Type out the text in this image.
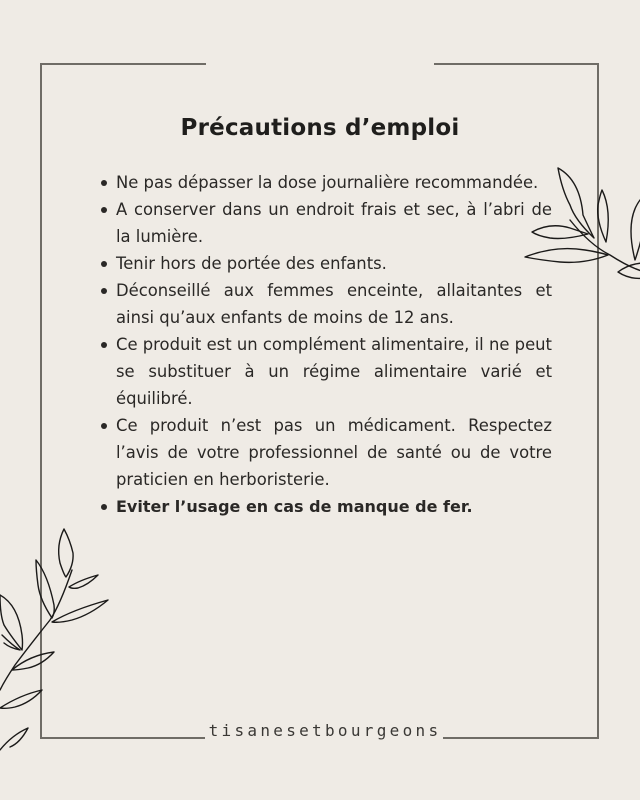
Précautions d’emploi
Ne pas dépasser la dose journalière recommandée.
A conserver dans un endroit frais et sec, à l’abri de la lumière.
Tenir hors de portée des enfants.
Déconseillé aux femmes enceinte, allaitantes et ainsi qu’aux enfants de moins de 12 ans.
Ce produit est un complément alimentaire, il ne peut se substituer à un régime alimentaire varié et équilibré.
Ce produit n’est pas un médicament. Respectez l’avis de votre professionnel de santé ou de votre praticien en herboristerie.
Eviter l’usage en cas de manque de fer.
tisanesetbourgeons
